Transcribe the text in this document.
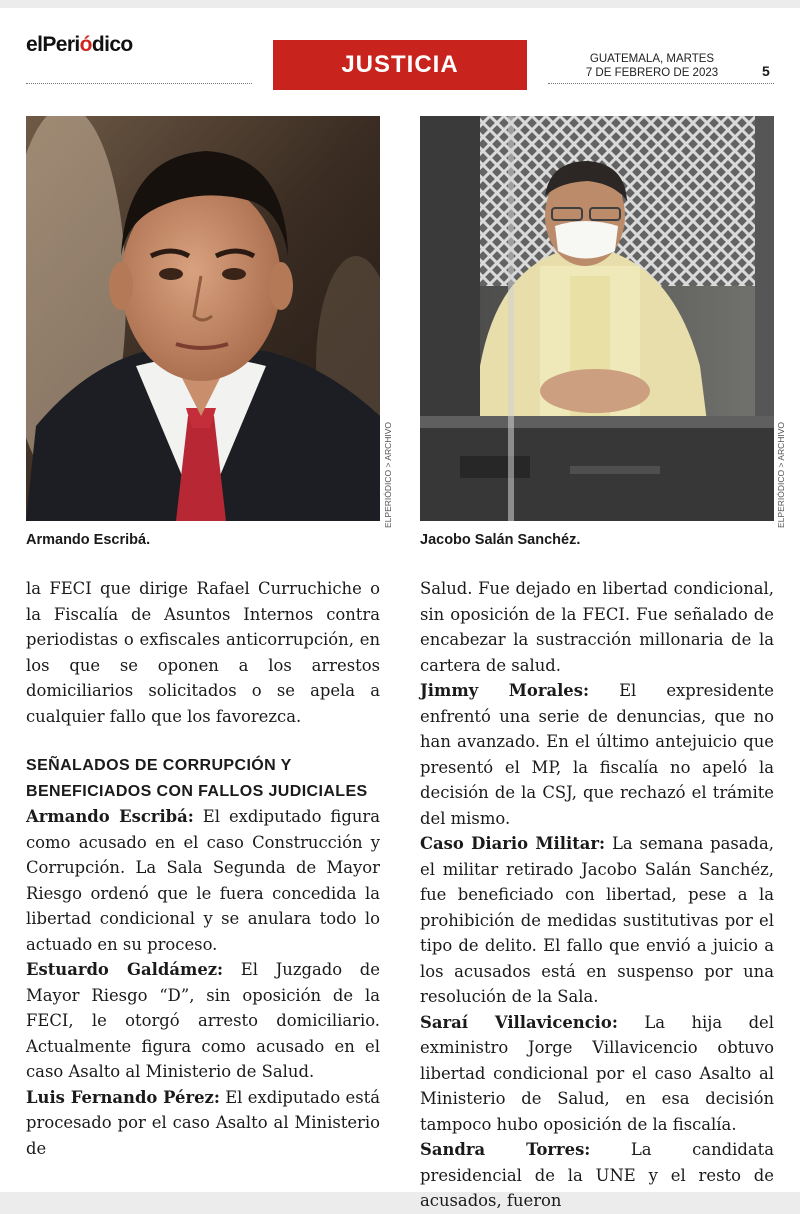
elPeriódico
JUSTICIA	GUATEMALA, MARTES
7 DE FEBRERO DE 2023	5
ELPERIÓDICO > ARCHIVO	ELPERIÓDICO > ARCHIVO
Armando Escribá.	Jacobo Salán Sanchéz.

la FECI que dirige Rafael Curruchiche o la Fiscalía de Asuntos Internos contra periodistas o exfiscales anticorrupción, en los que se oponen a los arrestos domiciliarios solicitados o se apela a cualquier fallo que los favorezca.

SEÑALADOS DE CORRUPCIÓN Y BENEFICIADOS CON FALLOS JUDICIALES

Armando Escribá: El exdiputado figura como acusado en el caso Construcción y Corrupción. La Sala Segunda de Mayor Riesgo ordenó que le fuera concedida la libertad condicional y se anulara todo lo actuado en su proceso.

Estuardo Galdámez: El Juzgado de Mayor Riesgo “D”, sin oposición de la FECI, le otorgó arresto domiciliario. Actualmente figura como acusado en el caso Asalto al Ministerio de Salud.

Luis Fernando Pérez: El exdiputado está procesado por el caso Asalto al Ministerio de

Salud. Fue dejado en libertad condicional, sin oposición de la FECI. Fue señalado de encabezar la sustracción millonaria de la cartera de salud.

Jimmy Morales: El expresidente enfrentó una serie de denuncias, que no han avanzado. En el último antejuicio que presentó el MP, la fiscalía no apeló la decisión de la CSJ, que rechazó el trámite del mismo.

Caso Diario Militar: La semana pasada, el militar retirado Jacobo Salán Sanchéz, fue beneficiado con libertad, pese a la prohibición de medidas sustitutivas por el tipo de delito. El fallo que envió a juicio a los acusados está en suspenso por una resolución de la Sala.

Saraí Villavicencio: La hija del exministro Jorge Villavicencio obtuvo libertad condicional por el caso Asalto al Ministerio de Salud, en esa decisión tampoco hubo oposición de la fiscalía.

Sandra Torres: La candidata presidencial de la UNE y el resto de acusados, fueron
